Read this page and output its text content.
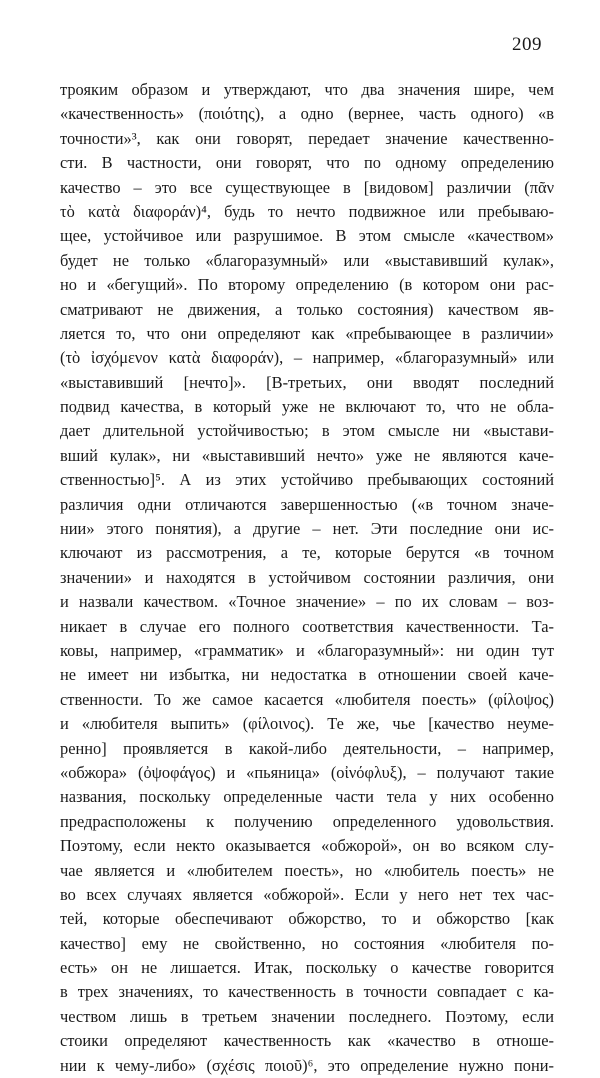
209
трояким образом и утверждают, что два значения шире, чем
«качественность» (ποιότης), а одно (вернее, часть одного) «в
точности»³, как они говорят, передает значение качественно-
сти. В частности, они говорят, что по одному определению
качество – это все существующее в [видовом] различии (πᾶν
τὸ κατὰ διαφοράν)⁴, будь то нечто подвижное или пребываю-
щее, устойчивое или разрушимое. В этом смысле «качеством»
будет не только «благоразумный» или «выставивший кулак»,
но и «бегущий». По второму определению (в котором они рас-
сматривают не движения, а только состояния) качеством яв-
ляется то, что они определяют как «пребывающее в различии»
(τὸ ἰσχόμενον κατὰ διαφοράν), – например, «благоразумный» или
«выставивший [нечто]». [В-третьих, они вводят последний
подвид качества, в который уже не включают то, что не обла-
дает длительной устойчивостью; в этом смысле ни «выстави-
вший кулак», ни «выставивший нечто» уже не являются каче-
ственностью]⁵. А из этих устойчиво пребывающих состояний
различия одни отличаются завершенностью («в точном значе-
нии» этого понятия), а другие – нет. Эти последние они ис-
ключают из рассмотрения, а те, которые берутся «в точном
значении» и находятся в устойчивом состоянии различия, они
и назвали качеством. «Точное значение» – по их словам – воз-
никает в случае его полного соответствия качественности. Та-
ковы, например, «грамматик» и «благоразумный»: ни один тут
не имеет ни избытка, ни недостатка в отношении своей каче-
ственности. То же самое касается «любителя поесть» (φίλοψος)
и «любителя выпить» (φίλοινος). Те же, чье [качество неуме-
ренно] проявляется в какой-либо деятельности, – например,
«обжора» (ὀψοφάγος) и «пьяница» (οἰνόφλυξ), – получают такие
названия, поскольку определенные части тела у них особенно
предрасположены к получению определенного удовольствия.
Поэтому, если некто оказывается «обжорой», он во всяком слу-
чае является и «любителем поесть», но «любитель поесть» не
во всех случаях является «обжорой». Если у него нет тех час-
тей, которые обеспечивают обжорство, то и обжорство [как
качество] ему не свойственно, но состояния «любителя по-
есть» он не лишается. Итак, поскольку о качестве говорится
в трех значениях, то качественность в точности совпадает с ка-
чеством лишь в третьем значении последнего. Поэтому, если
стоики определяют качественность как «качество в отноше-
нии к чему-либо» (σχέσις ποιοῦ)⁶, это определение нужно пони-
